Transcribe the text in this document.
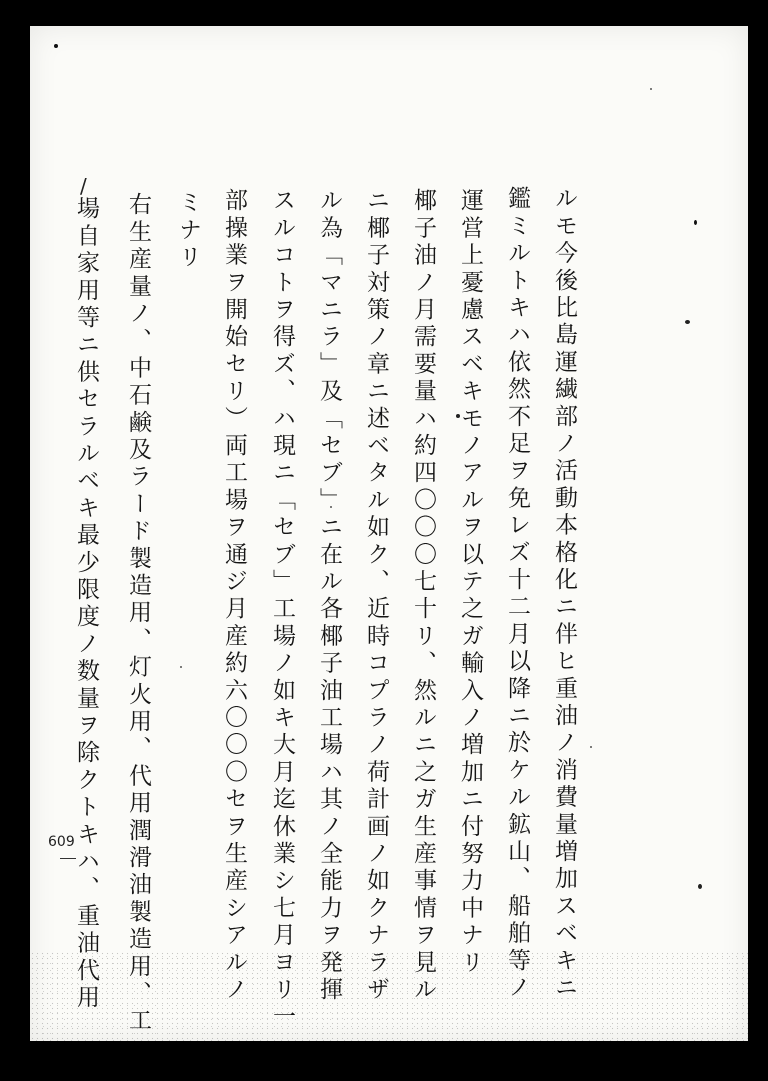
/
609	ルモ今後比島運繊部ノ活動本格化ニ伴ヒ重油ノ消費量増加スベキニ
鑑ミルトキハ依然不足ヲ免レズ十二月以降ニ於ケル鉱山、船舶等ノ
運営上憂慮スベキモノアルヲ以テ之ガ輸入ノ増加ニ付努力中ナリ
椰子油ノ月需要量ハ約四〇〇〇七十リ、然ルニ之ガ生産事情ヲ見ル
ニ椰子対策ノ章ニ述ベタル如ク、近時コプラノ荷計画ノ如クナラザ
ル為「マニラ」及「セブ」ニ在ル各椰子油工場ハ其ノ全能力ヲ発揮
スルコトヲ得ズ、ハ現ニ「セブ」工場ノ如キ大月迄休業シ七月ヨリ一
部操業ヲ開始セリ）両工場ヲ通ジ月産約六〇〇〇セヲ生産シアルノ
ミナリ
右生産量ノ、中石鹸及ラード製造用、灯火用、代用潤滑油製造用、工
場自家用等ニ供セラルベキ最少限度ノ数量ヲ除クトキハ、重油代用
